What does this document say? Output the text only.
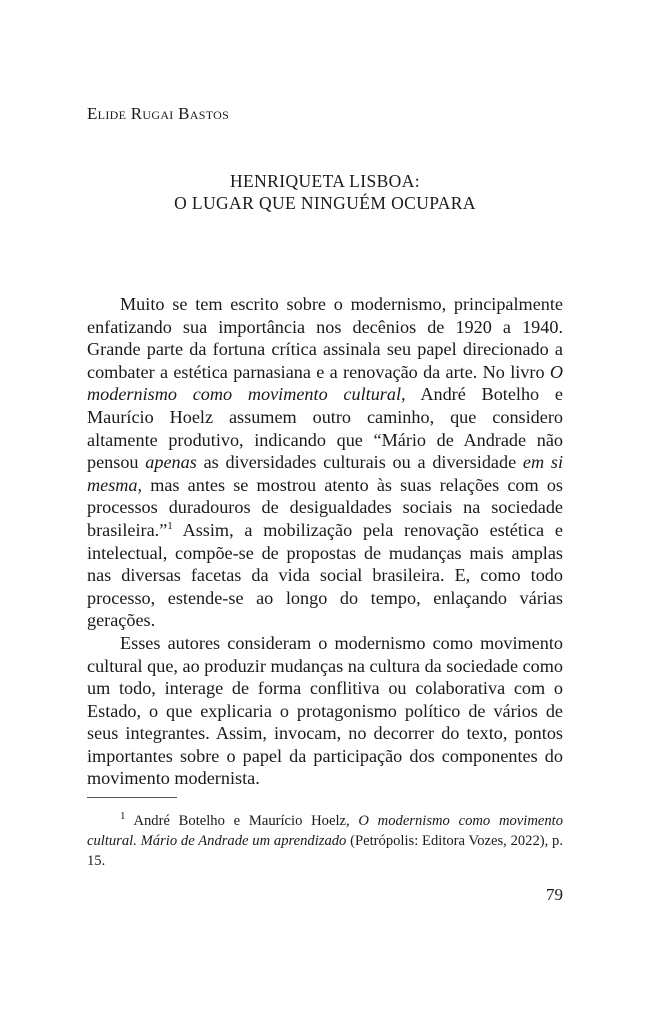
Elide Rugai Bastos
HENRIQUETA LISBOA:
O LUGAR QUE NINGUÉM OCUPARA

Muito se tem escrito sobre o modernismo, principalmente enfatizando sua importância nos decênios de 1920 a 1940. Grande parte da fortuna crítica assinala seu papel direcionado a combater a estética parnasiana e a renovação da arte. No livro O modernismo como movimento cultural, André Botelho e Maurício Hoelz assumem outro caminho, que considero altamente produtivo, indicando que “Mário de Andrade não pensou apenas as diversidades culturais ou a diversidade em si mesma, mas antes se mostrou atento às suas relações com os processos duradouros de desigualdades sociais na sociedade brasileira.”$^1$ Assim, a mobilização pela renovação estética e intelectual, compõe-se de propostas de mudanças mais amplas nas diversas facetas da vida social brasileira. E, como todo processo, estende-se ao longo do tempo, enlaçando várias gerações.

Esses autores consideram o modernismo como movimento cultural que, ao produzir mudanças na cultura da sociedade como um todo, interage de forma conflitiva ou colaborativa com o Estado, o que explicaria o protagonismo político de vários de seus integrantes. Assim, invocam, no decorrer do texto, pontos importantes sobre o papel da participação dos componentes do movimento modernista.

$^1$ André Botelho e Maurício Hoelz, O modernismo como movimento cultural. Mário de Andrade um aprendizado (Petrópolis: Editora Vozes, 2022), p. 15.
79
